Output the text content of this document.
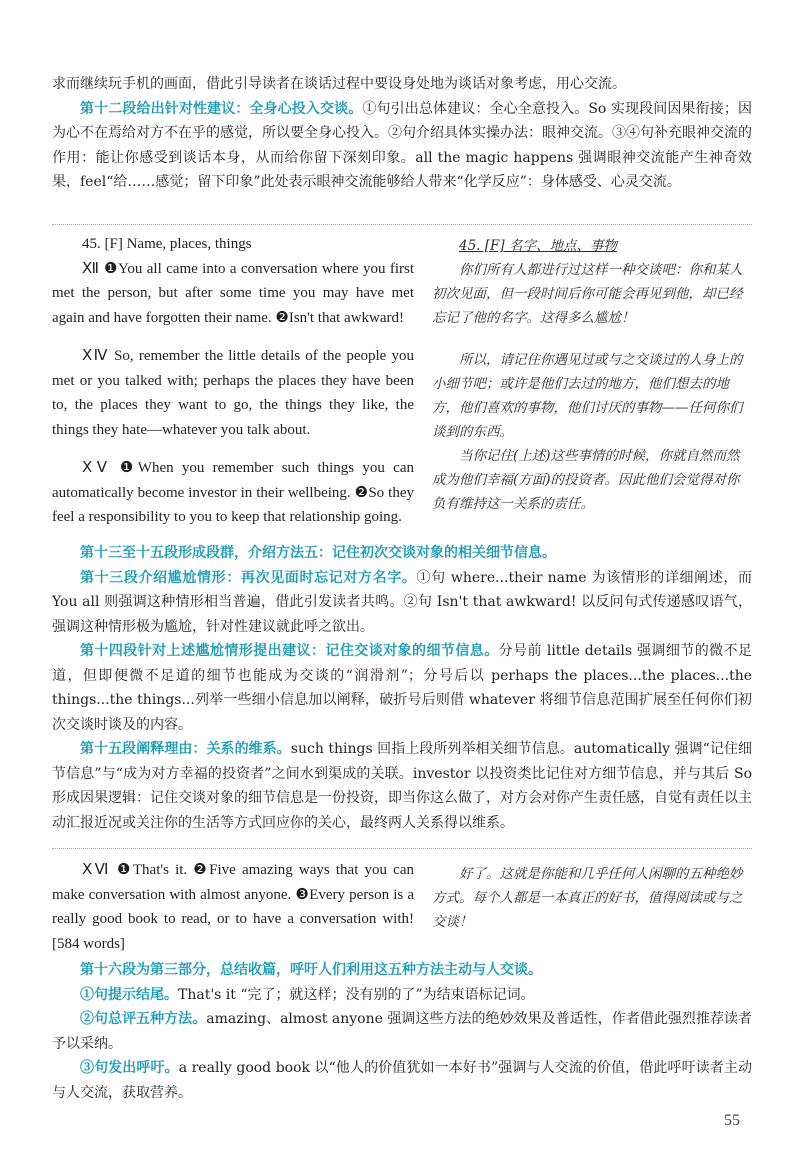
求而继续玩手机的画面，借此引导读者在谈话过程中要设身处地为谈话对象考虑，用心交流。

第十二段给出针对性建议：全身心投入交谈。①句引出总体建议：全心全意投入。So 实现段间因果衔接；因为心不在焉给对方不在乎的感觉，所以要全身心投入。②句介绍具体实操办法：眼神交流。③④句补充眼神交流的作用：能让你感受到谈话本身，从而给你留下深刻印象。all the magic happens 强调眼神交流能产生神奇效果，feel“给……感觉；留下印象”此处表示眼神交流能够给人带来“化学反应”：身体感受、心灵交流。

45. [F] Name, places, things

Ⅻ ❶You all came into a conversation where you first met the person, but after some time you may have met again and have forgotten their name. ❷Isn't that awkward!

ⅩⅣ So, remember the little details of the people you met or you talked with; perhaps the places they have been to, the places they want to go, the things they like, the things they hate—whatever you talk about.

ⅩⅤ ❶When you remember such things you can automatically become investor in their wellbeing. ❷So they feel a responsibility to you to keep that relationship going.

45. [F] 名字、地点、事物

你们所有人都进行过这样一种交谈吧：你和某人初次见面，但一段时间后你可能会再见到他，却已经忘记了他的名字。这得多么尴尬！

所以，请记住你遇见过或与之交谈过的人身上的小细节吧；或许是他们去过的地方，他们想去的地方，他们喜欢的事物，他们讨厌的事物——任何你们谈到的东西。

当你记住(上述)这些事情的时候，你就自然而然成为他们幸福(方面)的投资者。因此他们会觉得对你负有维持这一关系的责任。

第十三至十五段形成段群，介绍方法五：记住初次交谈对象的相关细节信息。

第十三段介绍尴尬情形：再次见面时忘记对方名字。①句 where...their name 为该情形的详细阐述，而 You all 则强调这种情形相当普遍，借此引发读者共鸣。②句 Isn't that awkward! 以反问句式传递感叹语气，强调这种情形极为尴尬，针对性建议就此呼之欲出。

第十四段针对上述尴尬情形提出建议：记住交谈对象的细节信息。分号前 little details 强调细节的微不足道，但即便微不足道的细节也能成为交谈的“润滑剂”；分号后以 perhaps the places...the places...the things...the things...列举一些细小信息加以阐释，破折号后则借 whatever 将细节信息范围扩展至任何你们初次交谈时谈及的内容。

第十五段阐释理由：关系的维系。such things 回指上段所列举相关细节信息。automatically 强调“记住细节信息”与“成为对方幸福的投资者”之间水到渠成的关联。investor 以投资类比记住对方细节信息，并与其后 So 形成因果逻辑：记住交谈对象的细节信息是一份投资，即当你这么做了，对方会对你产生责任感，自觉有责任以主动汇报近况或关注你的生活等方式回应你的关心，最终两人关系得以维系。

ⅩⅥ ❶That's it. ❷Five amazing ways that you can make conversation with almost anyone. ❸Every person is a really good book to read, or to have a conversation with! [584 words]

好了。这就是你能和几乎任何人闲聊的五种绝妙方式。每个人都是一本真正的好书，值得阅读或与之交谈！

第十六段为第三部分，总结收篇，呼吁人们利用这五种方法主动与人交谈。

①句提示结尾。That's it “完了；就这样；没有别的了”为结束语标记词。

②句总评五种方法。amazing、almost anyone 强调这些方法的绝妙效果及普适性，作者借此强烈推荐读者予以采纳。

③句发出呼吁。a really good book 以“他人的价值犹如一本好书”强调与人交流的价值，借此呼吁读者主动与人交流，获取营养。

55
